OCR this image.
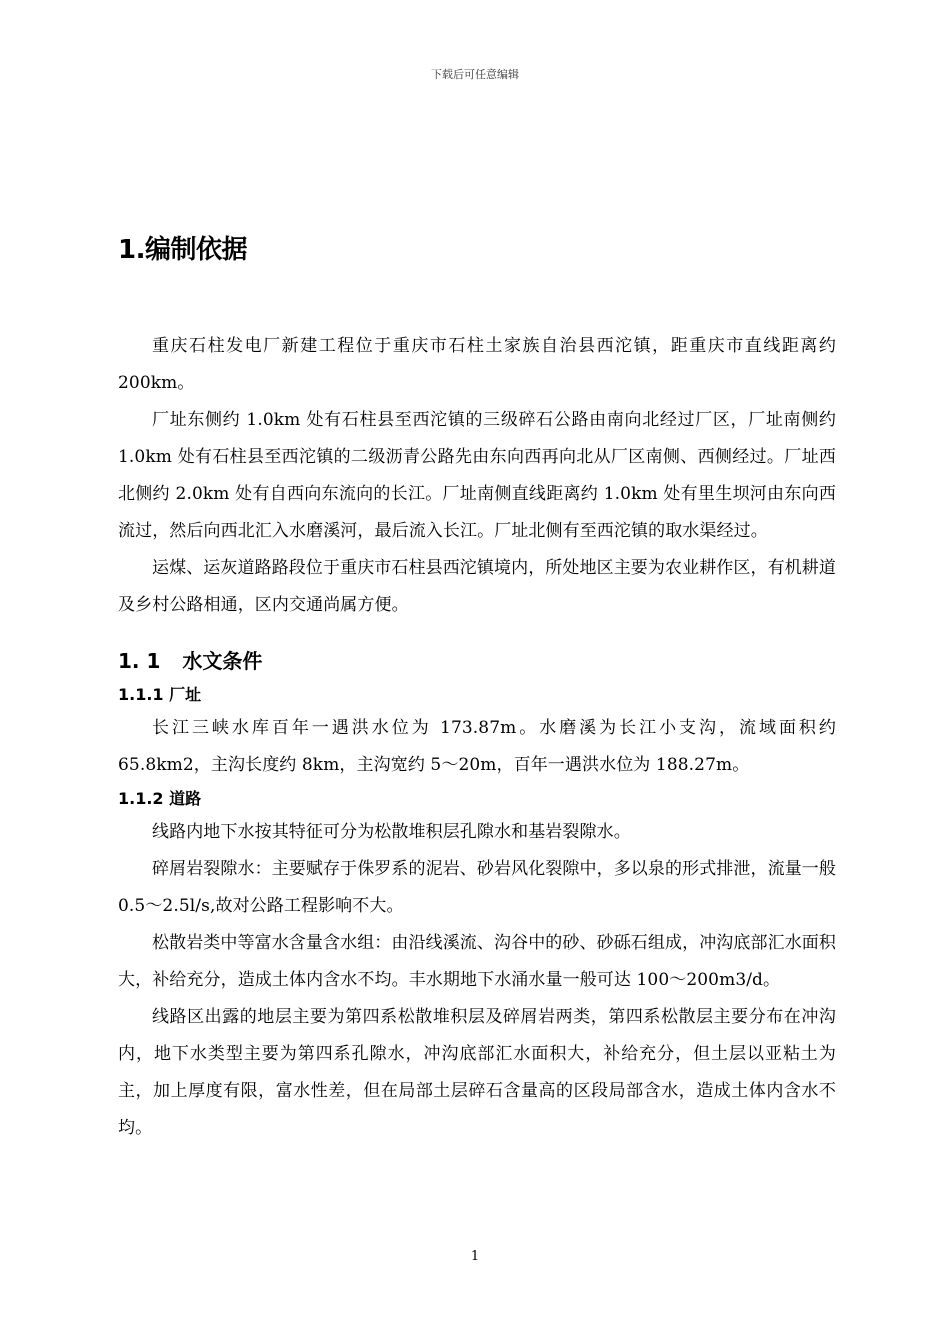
下载后可任意编辑
1.编制依据

重庆石柱发电厂新建工程位于重庆市石柱土家族自治县西沱镇，距重庆市直线距离约 200km。

厂址东侧约 1.0km 处有石柱县至西沱镇的三级碎石公路由南向北经过厂区，厂址南侧约 1.0km 处有石柱县至西沱镇的二级沥青公路先由东向西再向北从厂区南侧、西侧经过。厂址西北侧约 2.0km 处有自西向东流向的长江。厂址南侧直线距离约 1.0km 处有里生坝河由东向西流过，然后向西北汇入水磨溪河，最后流入长江。厂址北侧有至西沱镇的取水渠经过。

运煤、运灰道路路段位于重庆市石柱县西沱镇境内，所处地区主要为农业耕作区，有机耕道及乡村公路相通，区内交通尚属方便。

1. 1 水文条件
1.1.1 厂址

长江三峡水库百年一遇洪水位为 173.87m。水磨溪为长江小支沟，流域面积约 65.8km2，主沟长度约 8km，主沟宽约 5～20m，百年一遇洪水位为 188.27m。

1.1.2 道路

线路内地下水按其特征可分为松散堆积层孔隙水和基岩裂隙水。

碎屑岩裂隙水：主要赋存于侏罗系的泥岩、砂岩风化裂隙中，多以泉的形式排泄，流量一般 0.5～2.5l/s,故对公路工程影响不大。

松散岩类中等富水含量含水组：由沿线溪流、沟谷中的砂、砂砾石组成，冲沟底部汇水面积大，补给充分，造成土体内含水不均。丰水期地下水涌水量一般可达 100～200m3/d。

线路区出露的地层主要为第四系松散堆积层及碎屑岩两类，第四系松散层主要分布在冲沟内，地下水类型主要为第四系孔隙水，冲沟底部汇水面积大，补给充分，但土层以亚粘土为主，加上厚度有限，富水性差，但在局部土层碎石含量高的区段局部含水，造成土体内含水不均。

1
